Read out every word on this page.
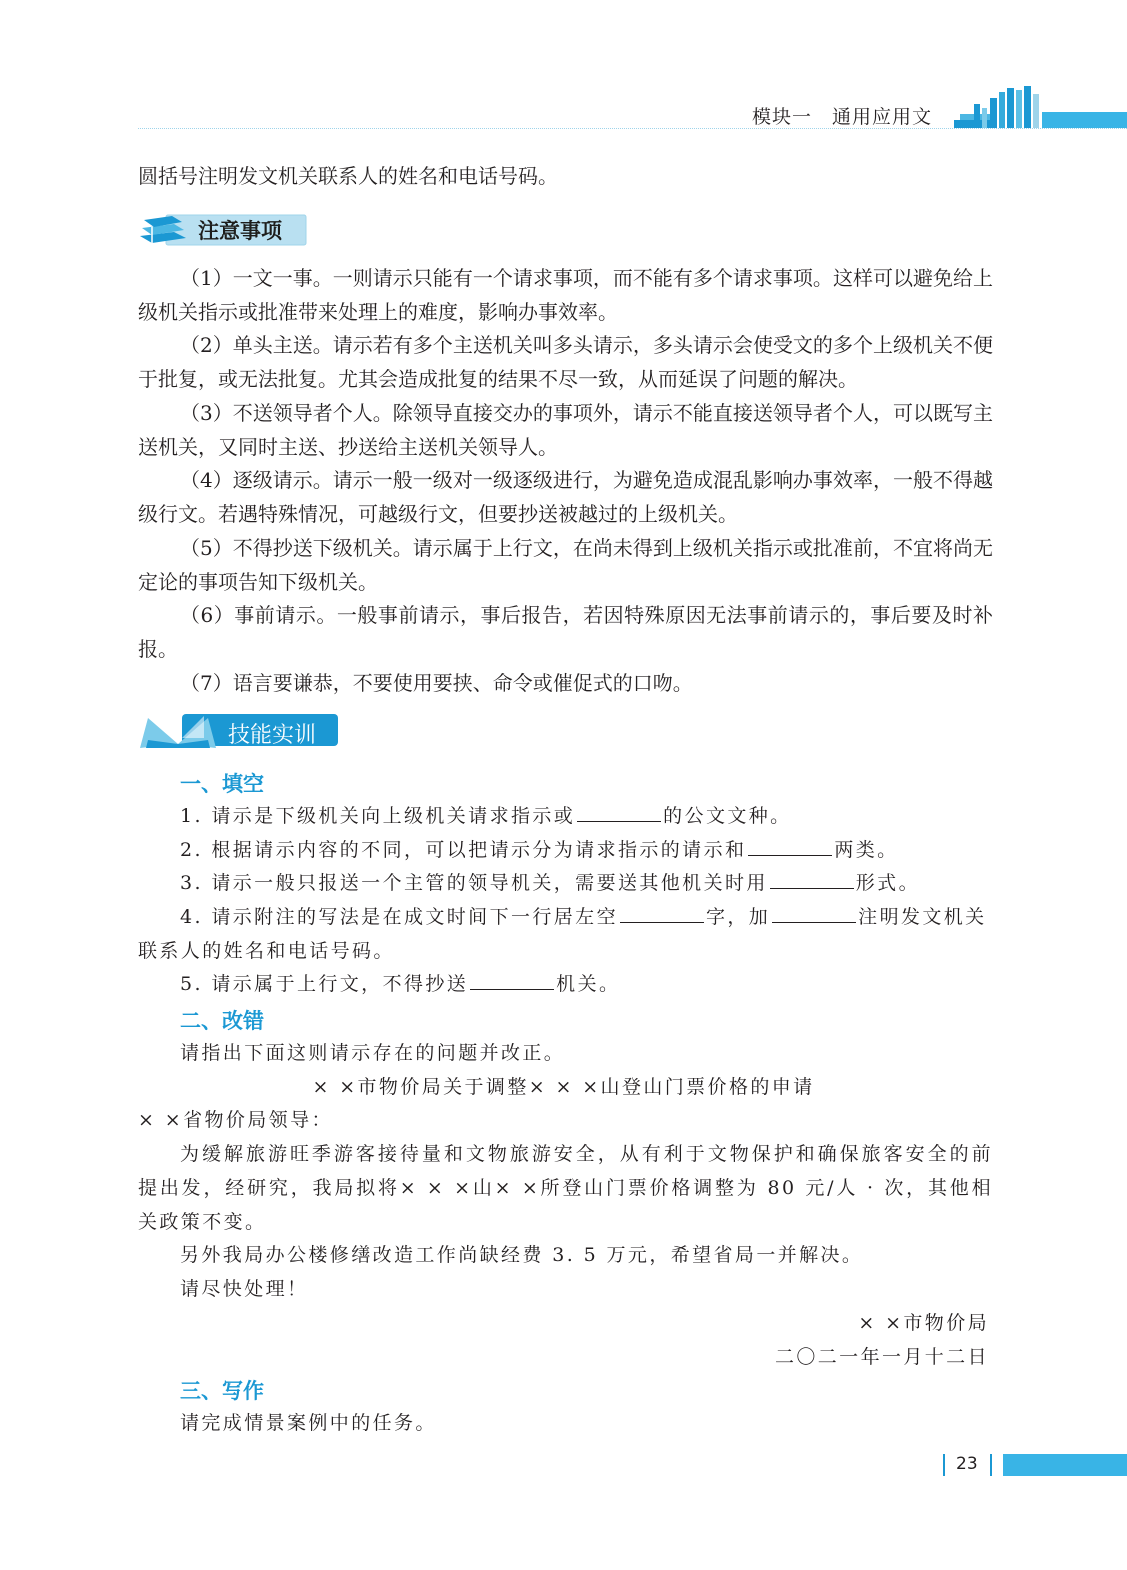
模块一  通用应用文

圆括号注明发文机关联系人的姓名和电话号码。

注意事项

（1）一文一事。一则请示只能有一个请求事项，而不能有多个请求事项。这样可以避免给上级机关指示或批准带来处理上的难度，影响办事效率。

（2）单头主送。请示若有多个主送机关叫多头请示，多头请示会使受文的多个上级机关不便于批复，或无法批复。尤其会造成批复的结果不尽一致，从而延误了问题的解决。

（3）不送领导者个人。除领导直接交办的事项外，请示不能直接送领导者个人，可以既写主送机关，又同时主送、抄送给主送机关领导人。

（4）逐级请示。请示一般一级对一级逐级进行，为避免造成混乱影响办事效率，一般不得越级行文。若遇特殊情况，可越级行文，但要抄送被越过的上级机关。

（5）不得抄送下级机关。请示属于上行文，在尚未得到上级机关指示或批准前，不宜将尚无定论的事项告知下级机关。

（6）事前请示。一般事前请示，事后报告，若因特殊原因无法事前请示的，事后要及时补报。

（7）语言要谦恭，不要使用要挟、命令或催促式的口吻。

技能实训
一、填空

1. 请示是下级机关向上级机关请求指示或	的公文文种。

2. 根据请示内容的不同，可以把请示分为请求指示的请示和	两类。

3. 请示一般只报送一个主管的领导机关，需要送其他机关时用	形式。

4. 请示附注的写法是在成文时间下一行居左空	字，加	注明发文机关联系人的姓名和电话号码。

5. 请示属于上行文，不得抄送	机关。

二、改错

请指出下面这则请示存在的问题并改正。

× ×市物价局关于调整× × ×山登山门票价格的申请
× ×省物价局领导：

为缓解旅游旺季游客接待量和文物旅游安全，从有利于文物保护和确保旅客安全的前提出发，经研究，我局拟将× × ×山× ×所登山门票价格调整为 80 元/人 · 次，其他相关政策不变。

另外我局办公楼修缮改造工作尚缺经费 3. 5 万元，希望省局一并解决。

请尽快处理！

× ×市物价局
二〇二一年一月十二日
三、写作

请完成情景案例中的任务。

23
